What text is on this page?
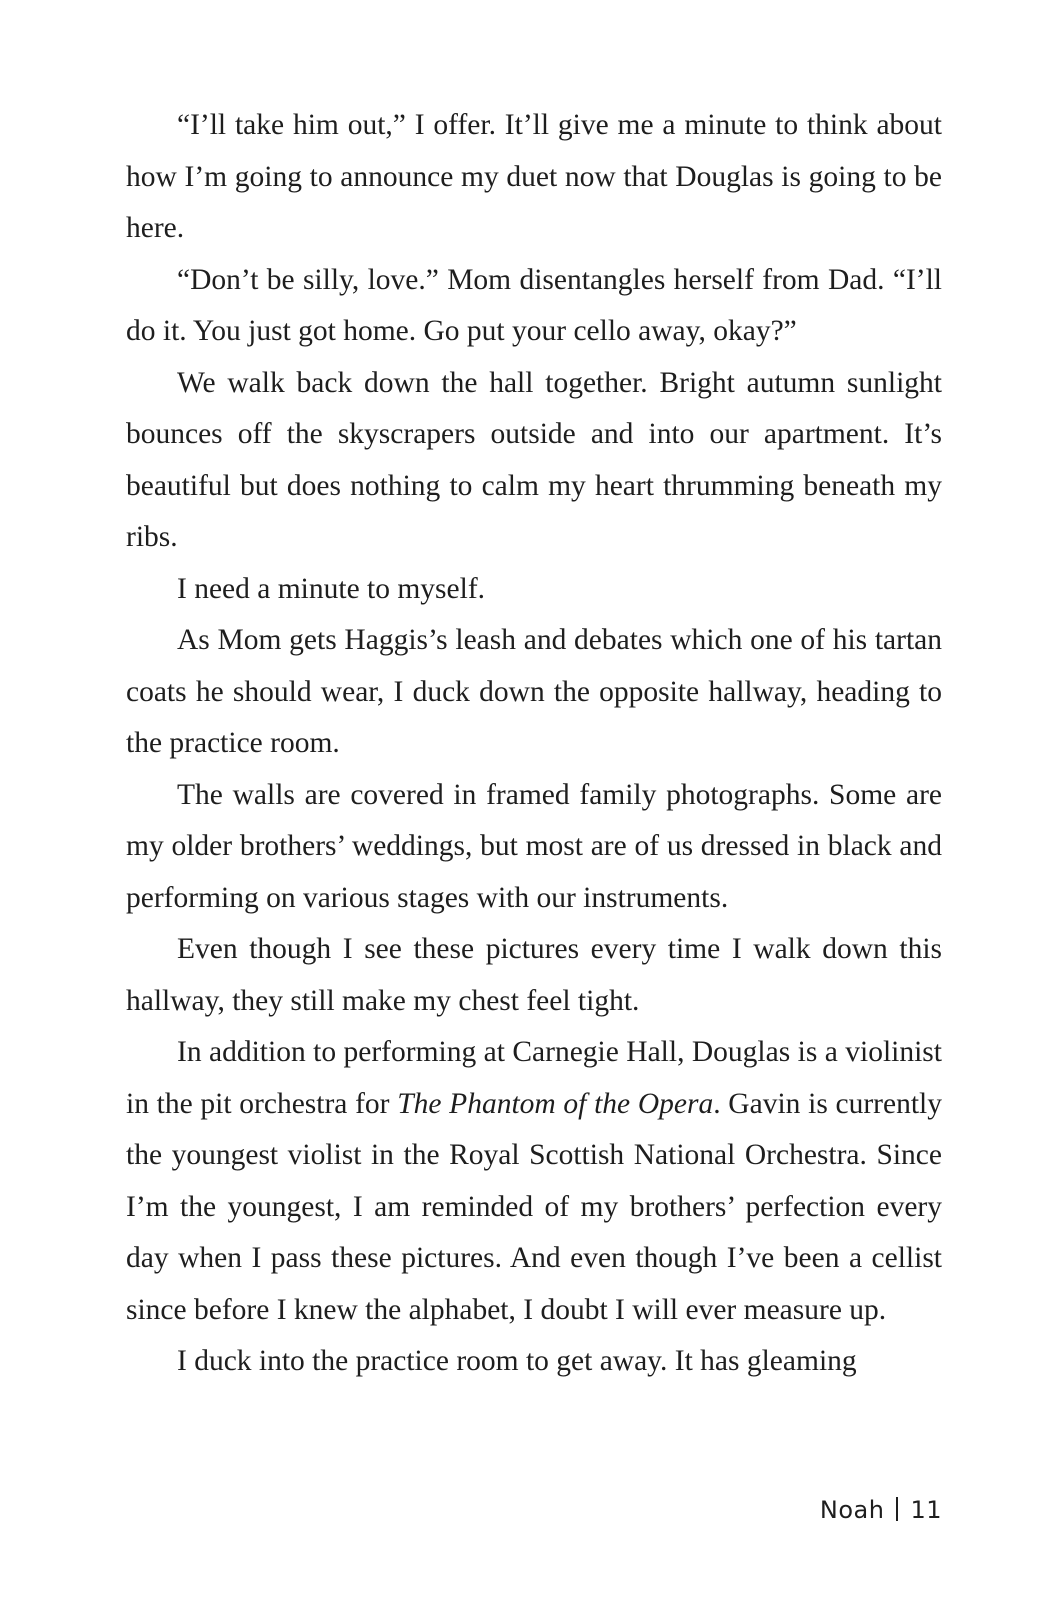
“I’ll take him out,” I offer. It’ll give me a minute to think about how I’m going to announce my duet now that Douglas is going to be here.

“Don’t be silly, love.” Mom disentangles herself from Dad. “I’ll do it. You just got home. Go put your cello away, okay?”

We walk back down the hall together. Bright autumn sunlight bounces off the skyscrapers outside and into our apartment. It’s beautiful but does nothing to calm my heart thrumming beneath my ribs.

I need a minute to myself.

As Mom gets Haggis’s leash and debates which one of his tartan coats he should wear, I duck down the opposite hallway, heading to the practice room.

The walls are covered in framed family photographs. Some are my older brothers’ weddings, but most are of us dressed in black and performing on various stages with our instruments.

Even though I see these pictures every time I walk down this hallway, they still make my chest feel tight.

In addition to performing at Carnegie Hall, Douglas is a violinist in the pit orchestra for The Phantom of the Opera. Gavin is currently the youngest violist in the Royal Scottish National Orchestra. Since I’m the youngest, I am reminded of my brothers’ perfection every day when I pass these pictures. And even though I’ve been a cellist since before I knew the alphabet, I doubt I will ever measure up.

I duck into the practice room to get away. It has gleaming

Noah 11
